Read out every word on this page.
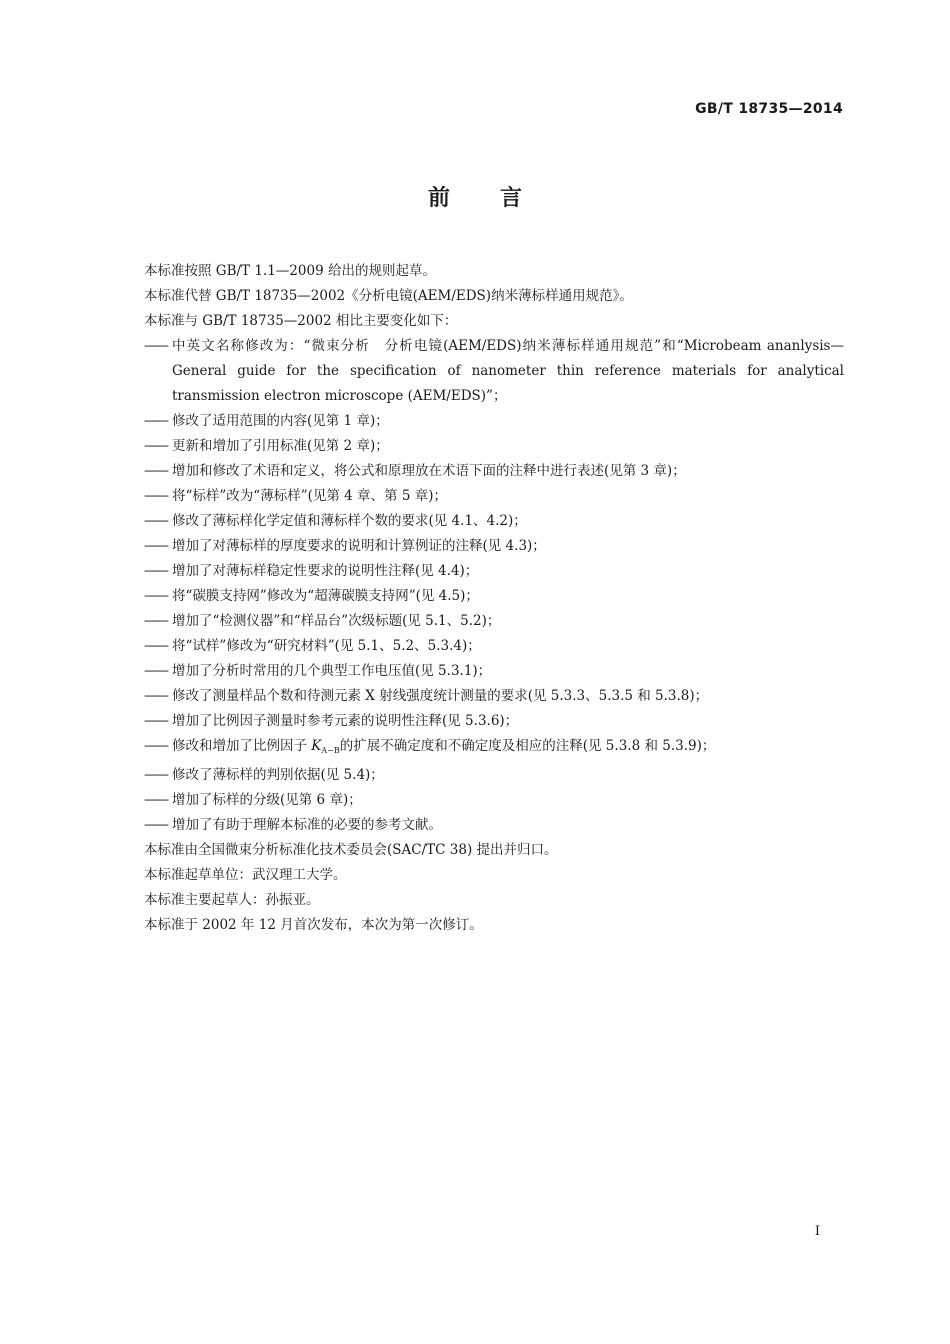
GB/T 18735—2014
前言

本标准按照 GB/T 1.1—2009 给出的规则起草。

本标准代替 GB/T 18735—2002《分析电镜(AEM/EDS)纳米薄标样通用规范》。

本标准与 GB/T 18735—2002 相比主要变化如下：

—— 中英文名称修改为：“微束分析　分析电镜(AEM/EDS)纳米薄标样通用规范”和“Microbeam ananlysis—General guide for the specification of nanometer thin reference materials for analytical transmission electron microscope (AEM/EDS)”；
—— 修改了适用范围的内容(见第 1 章)；
—— 更新和增加了引用标准(见第 2 章)；
—— 增加和修改了术语和定义，将公式和原理放在术语下面的注释中进行表述(见第 3 章)；
—— 将“标样”改为“薄标样”(见第 4 章、第 5 章)；
—— 修改了薄标样化学定值和薄标样个数的要求(见 4.1、4.2)；
—— 增加了对薄标样的厚度要求的说明和计算例证的注释(见 4.3)；
—— 增加了对薄标样稳定性要求的说明性注释(见 4.4)；
—— 将“碳膜支持网”修改为“超薄碳膜支持网”(见 4.5)；
—— 增加了“检测仪器”和“样品台”次级标题(见 5.1、5.2)；
—— 将“试样”修改为“研究材料”(见 5.1、5.2、5.3.4)；
—— 增加了分析时常用的几个典型工作电压值(见 5.3.1)；
—— 修改了测量样品个数和待测元素 X 射线强度统计测量的要求(见 5.3.3、5.3.5 和 5.3.8)；
—— 增加了比例因子测量时参考元素的说明性注释(见 5.3.6)；
—— 修改和增加了比例因子 $K_{A-B}$的扩展不确定度和不确定度及相应的注释(见 5.3.8 和 5.3.9)；
—— 修改了薄标样的判别依据(见 5.4)；
—— 增加了标样的分级(见第 6 章)；
—— 增加了有助于理解本标准的必要的参考文献。

本标准由全国微束分析标准化技术委员会(SAC/TC 38) 提出并归口。

本标准起草单位：武汉理工大学。

本标准主要起草人：孙振亚。

本标准于 2002 年 12 月首次发布，本次为第一次修订。

I
